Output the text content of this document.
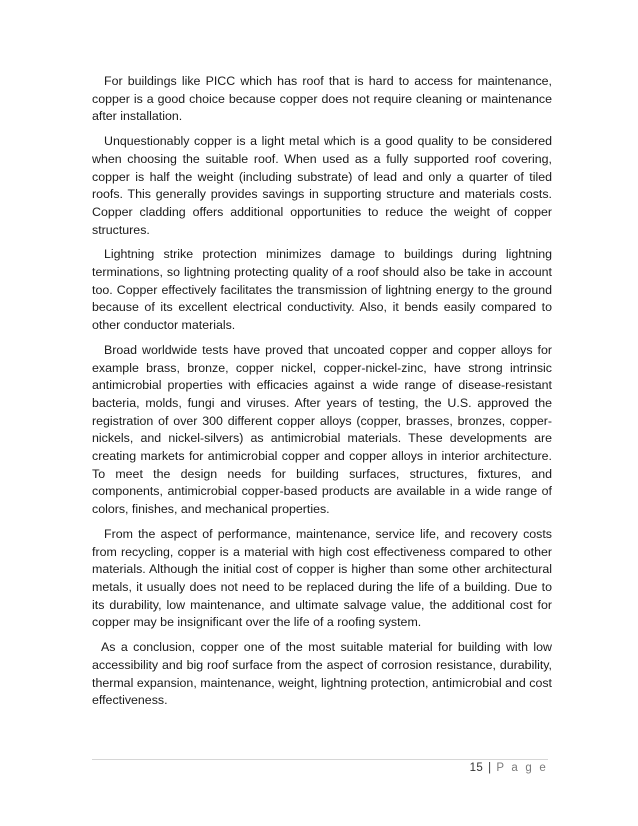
For buildings like PICC which has roof that is hard to access for maintenance, copper is a good choice because copper does not require cleaning or maintenance after installation.

Unquestionably copper is a light metal which is a good quality to be considered when choosing the suitable roof. When used as a fully supported roof covering, copper is half the weight (including substrate) of lead and only a quarter of tiled roofs. This generally provides savings in supporting structure and materials costs. Copper cladding offers additional opportunities to reduce the weight of copper structures.

Lightning strike protection minimizes damage to buildings during lightning terminations, so lightning protecting quality of a roof should also be take in account too. Copper effectively facilitates the transmission of lightning energy to the ground because of its excellent electrical conductivity. Also, it bends easily compared to other conductor materials.

Broad worldwide tests have proved that uncoated copper and copper alloys for example brass, bronze, copper nickel, copper-nickel-zinc, have strong intrinsic antimicrobial properties with efficacies against a wide range of disease-resistant bacteria, molds, fungi and viruses. After years of testing, the U.S. approved the registration of over 300 different copper alloys (copper, brasses, bronzes, copper-nickels, and nickel-silvers) as antimicrobial materials. These developments are creating markets for antimicrobial copper and copper alloys in interior architecture. To meet the design needs for building surfaces, structures, fixtures, and components, antimicrobial copper-based products are available in a wide range of colors, finishes, and mechanical properties.

From the aspect of performance, maintenance, service life, and recovery costs from recycling, copper is a material with high cost effectiveness compared to other materials. Although the initial cost of copper is higher than some other architectural metals, it usually does not need to be replaced during the life of a building. Due to its durability, low maintenance, and ultimate salvage value, the additional cost for copper may be insignificant over the life of a roofing system.

As a conclusion, copper one of the most suitable material for building with low accessibility and big roof surface from the aspect of corrosion resistance, durability, thermal expansion, maintenance, weight, lightning protection, antimicrobial and cost effectiveness.

15 | P a g e
